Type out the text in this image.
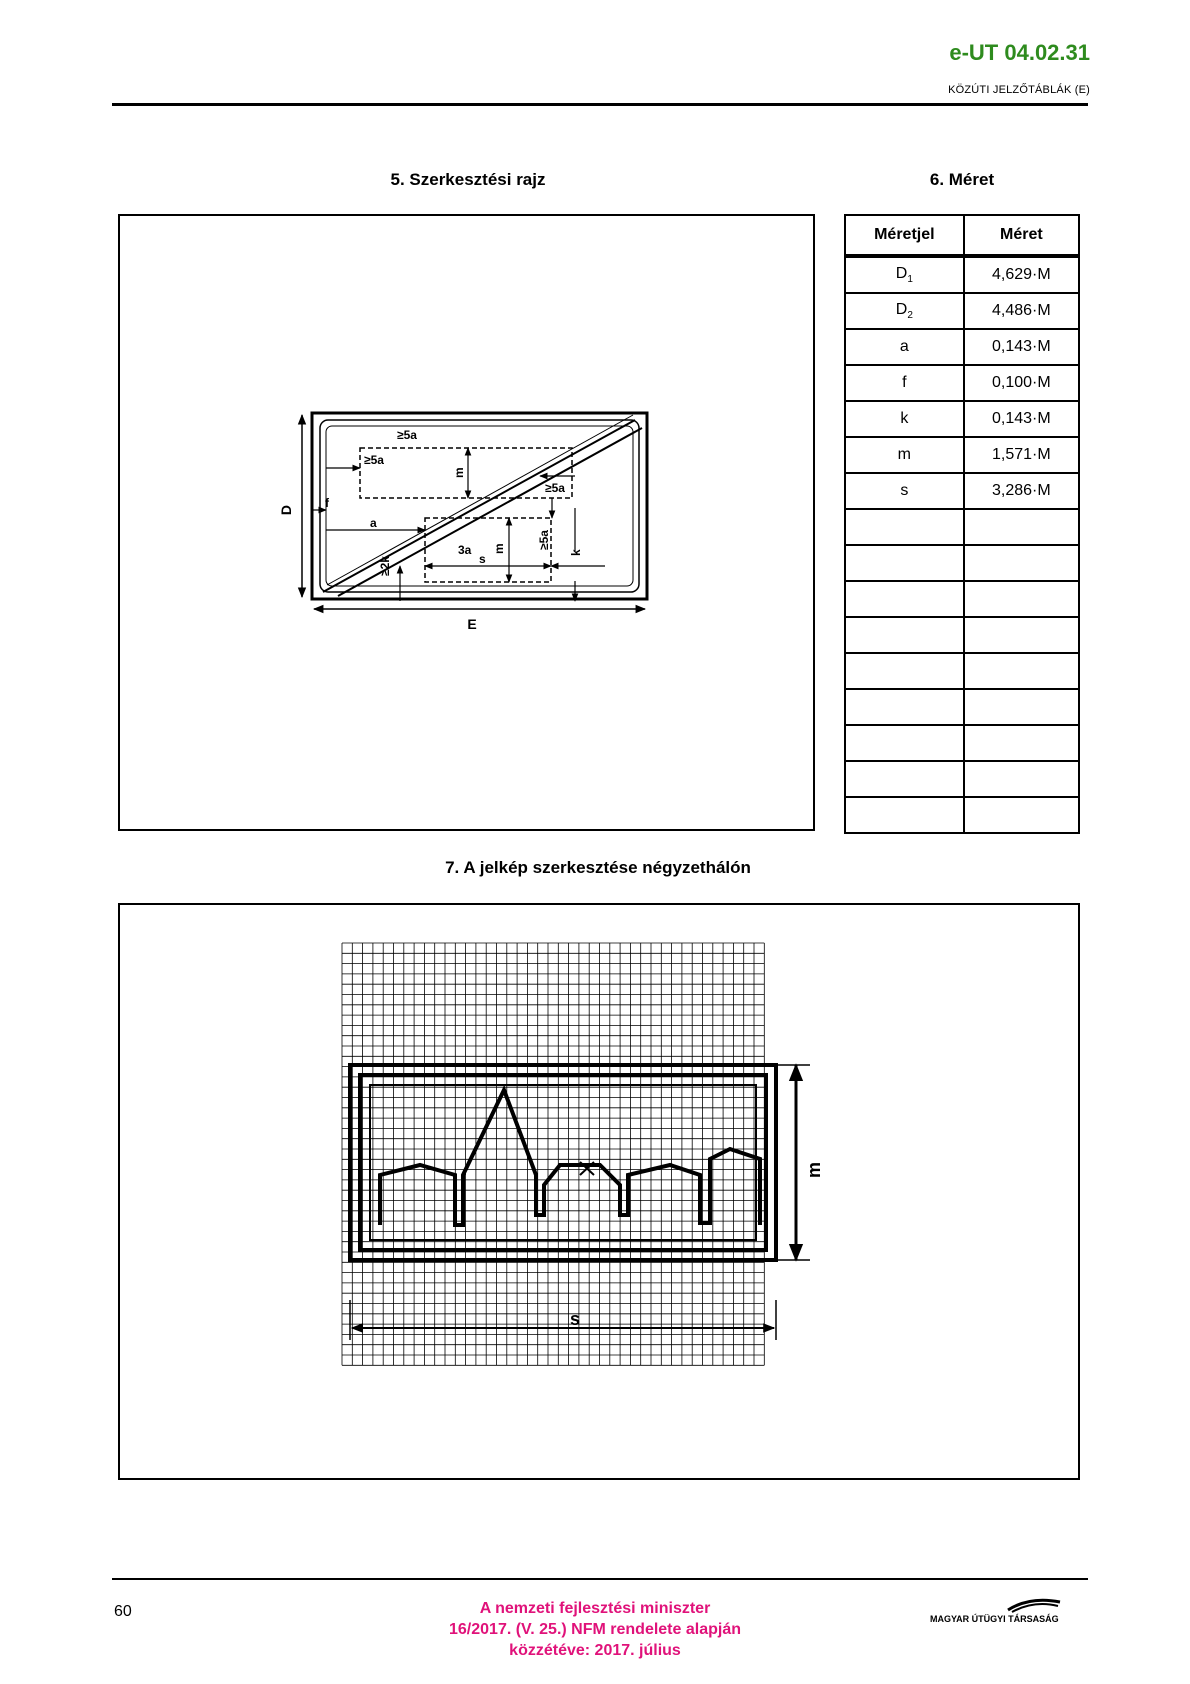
e-UT 04.02.31
KÖZÚTI JELZŐTÁBLÁK (E)
5. Szerkesztési rajz	6. Méret
D
E
≥5a
≥5a
≥5a
m
a
3a
s
m	≥5a
≥2k
k
f
Méretjel	Méret
$D_1$	4,629·M
$D_2$	4,486·M
a	0,143·M
f	0,100·M
k	0,143·M
m	1,571·M
s	3,286·M

7. A jelkép szerkesztése négyzethálón
m
s
60	A nemzeti fejlesztési miniszter
16/2017. (V. 25.) NFM rendelete alapján
közzétéve: 2017. július
MAGYAR ÚTÜGYI TÁRSASÁG
